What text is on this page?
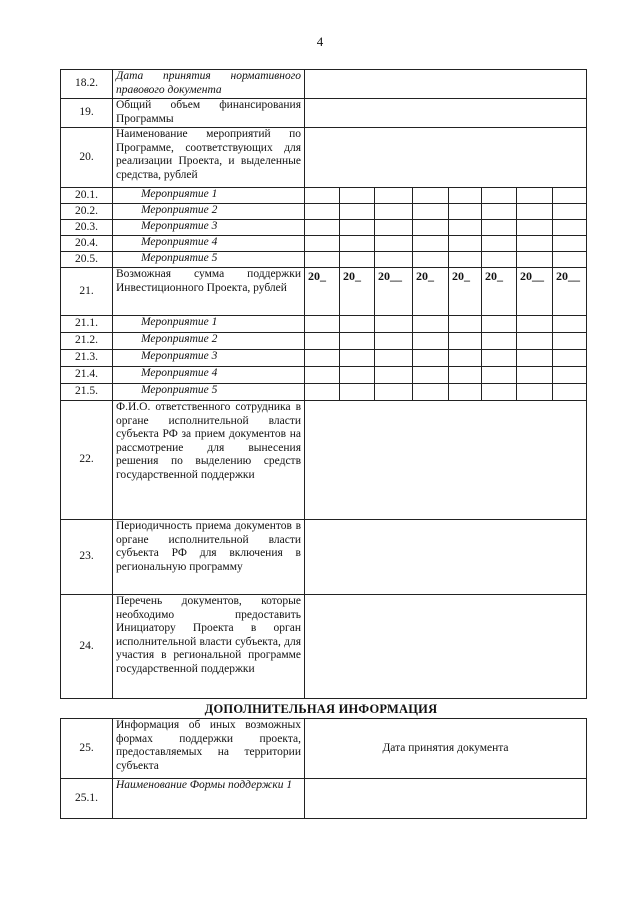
4
18.2.	Дата принятия нормативного правового документа								
19.	Общий объем финансирования Программы								
20.	Наименование мероприятий по Программе, соответствующих для реализации Проекта, и выделенные средства, рублей								
20.1.	Мероприятие 1								
20.2.	Мероприятие 2								
20.3.	Мероприятие 3								
20.4.	Мероприятие 4								
20.5.	Мероприятие 5								
21.	Возможная сумма поддержки Инвестиционного Проекта, рублей	20_	20_	20__	20_	20_	20_	20__	20__
21.1.	Мероприятие 1								
21.2.	Мероприятие 2								
21.3.	Мероприятие 3								
21.4.	Мероприятие 4								
21.5.	Мероприятие 5								
22.	Ф.И.О. ответственного сотрудника в органе исполнительной власти субъекта РФ за прием документов на рассмотрение для вынесения решения по выделению средств государственной поддержки								
23.	Периодичность приема документов в органе исполнительной власти субъекта РФ для включения в региональную программу								
24.	Перечень документов, которые необходимо предоставить Инициатору Проекта в орган исполнительной власти субъекта, для участия в региональной программе государственной поддержки								
ДОПОЛНИТЕЛЬНАЯ ИНФОРМАЦИЯ
25.	Информация об иных возможных формах поддержки проекта, предоставляемых на территории субъекта	Дата принятия документа
25.1.	Наименование Формы поддержки 1	
